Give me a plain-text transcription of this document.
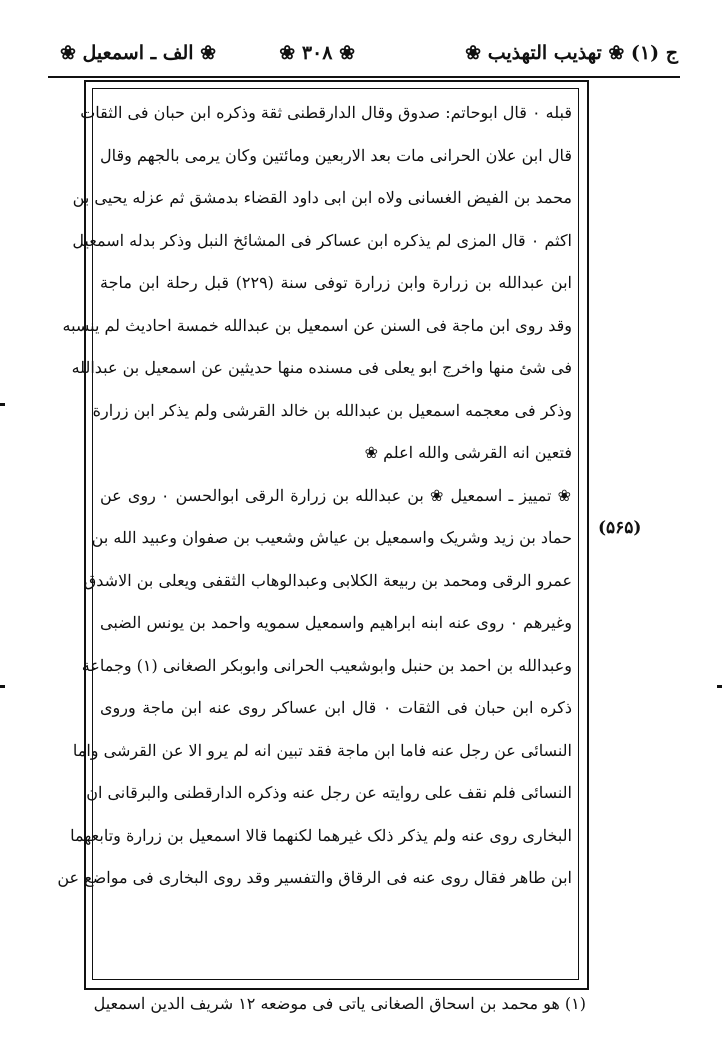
ج (۱) ❀ تهذیب التهذیب ❀
❀ ۳۰۸ ❀
❀ الف ـ اسمعیل ❀
قبله ۰ قال ابوحاتم: صدوق وقال الدارقطنی ثقة وذکره ابن حبان فی الثقات
قال ابن علان الحرانی مات بعد الاربعین ومائتین وکان یرمی بالجهم وقال
محمد بن الفیض الغسانی ولاه ابن ابی داود القضاء بدمشق ثم عزله یحیی بن
اکثم ۰ قال المزی لم یذکره ابن عساکر فی المشائخ النبل وذکر بدله اسمعیل
ابن عبدالله بن زرارة وابن زرارة توفی سنة (۲۲۹) قبل رحلة ابن ماجة
وقد روی ابن ماجة فی السنن عن اسمعیل بن عبدالله خمسة احادیث لم ینسبه
فی شئ منها واخرج ابو یعلی فی مسنده منها حدیثین عن اسمعیل بن عبدالله
وذکر فی معجمه اسمعیل بن عبدالله بن خالد القرشی ولم یذکر ابن زرارة
فتعین انه القرشی والله اعلم ❀
❀ تمییز ـ اسمعیل ❀ بن عبدالله بن زرارة الرقی ابوالحسن ۰ روی عن
حماد بن زید وشریک واسمعیل بن عیاش وشعیب بن صفوان وعبید الله بن
عمرو الرقی ومحمد بن ربیعة الکلابی وعبدالوهاب الثقفی ویعلی بن الاشدق
وغیرهم ۰ روی عنه ابنه ابراهیم واسمعیل سمویه واحمد بن یونس الضبی
وعبدالله بن احمد بن حنبل وابوشعیب الحرانی وابوبکر الصغانی (۱) وجماعة
ذکره ابن حبان فی الثقات ۰ قال ابن عساکر روی عنه ابن ماجة وروی
النسائی عن رجل عنه فاما ابن ماجة فقد تبین انه لم یرو الا عن القرشی واما
النسائی فلم نقف علی روایته عن رجل عنه وذکره الدارقطنی والبرقانی ان
البخاری روی عنه ولم یذکر ذلک غیرهما لکنهما قالا اسمعیل بن زرارة وتابعهما
ابن طاهر فقال روی عنه فی الرقاق والتفسیر وقد روی البخاری فی مواضع عن
(۵۶۵)
(۱) هو محمد بن اسحاق الصغانی یاتی فی موضعه ۱۲ شریف الدین اسمعیل
